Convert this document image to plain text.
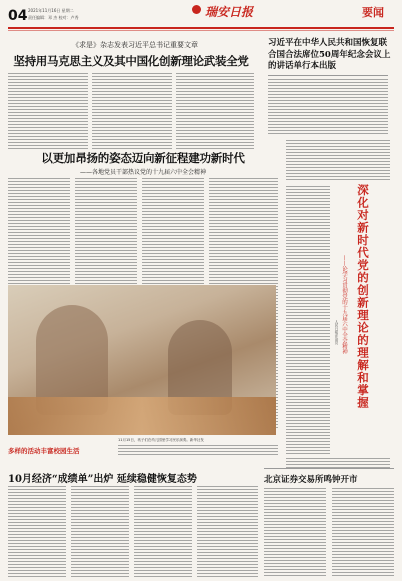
04 2021年11月16日 星期二
责任编辑：邓 杰 校对：卢秀	瑞安日报	要闻
《求是》杂志发表习近平总书记重要文章
坚持用马克思主义及其中国化创新理论武装全党
习近平在中华人民共和国恢复联合国合法席位50周年纪念会议上的讲话单行本出版
以更加昂扬的姿态迈向新征程建功新时代
——各地党员干部热议党的十九届六中全会精神
深化对新时代党的创新理论的理解和掌握
——论学习贯彻党的十九届六中全会精神
人民日报评论员
11月15日，孩子们在幼儿园里学习民乐演奏。新华社发
多样的活动丰富校园生活
10月经济“成绩单”出炉 延续稳健恢复态势	北京证券交易所鸣钟开市
